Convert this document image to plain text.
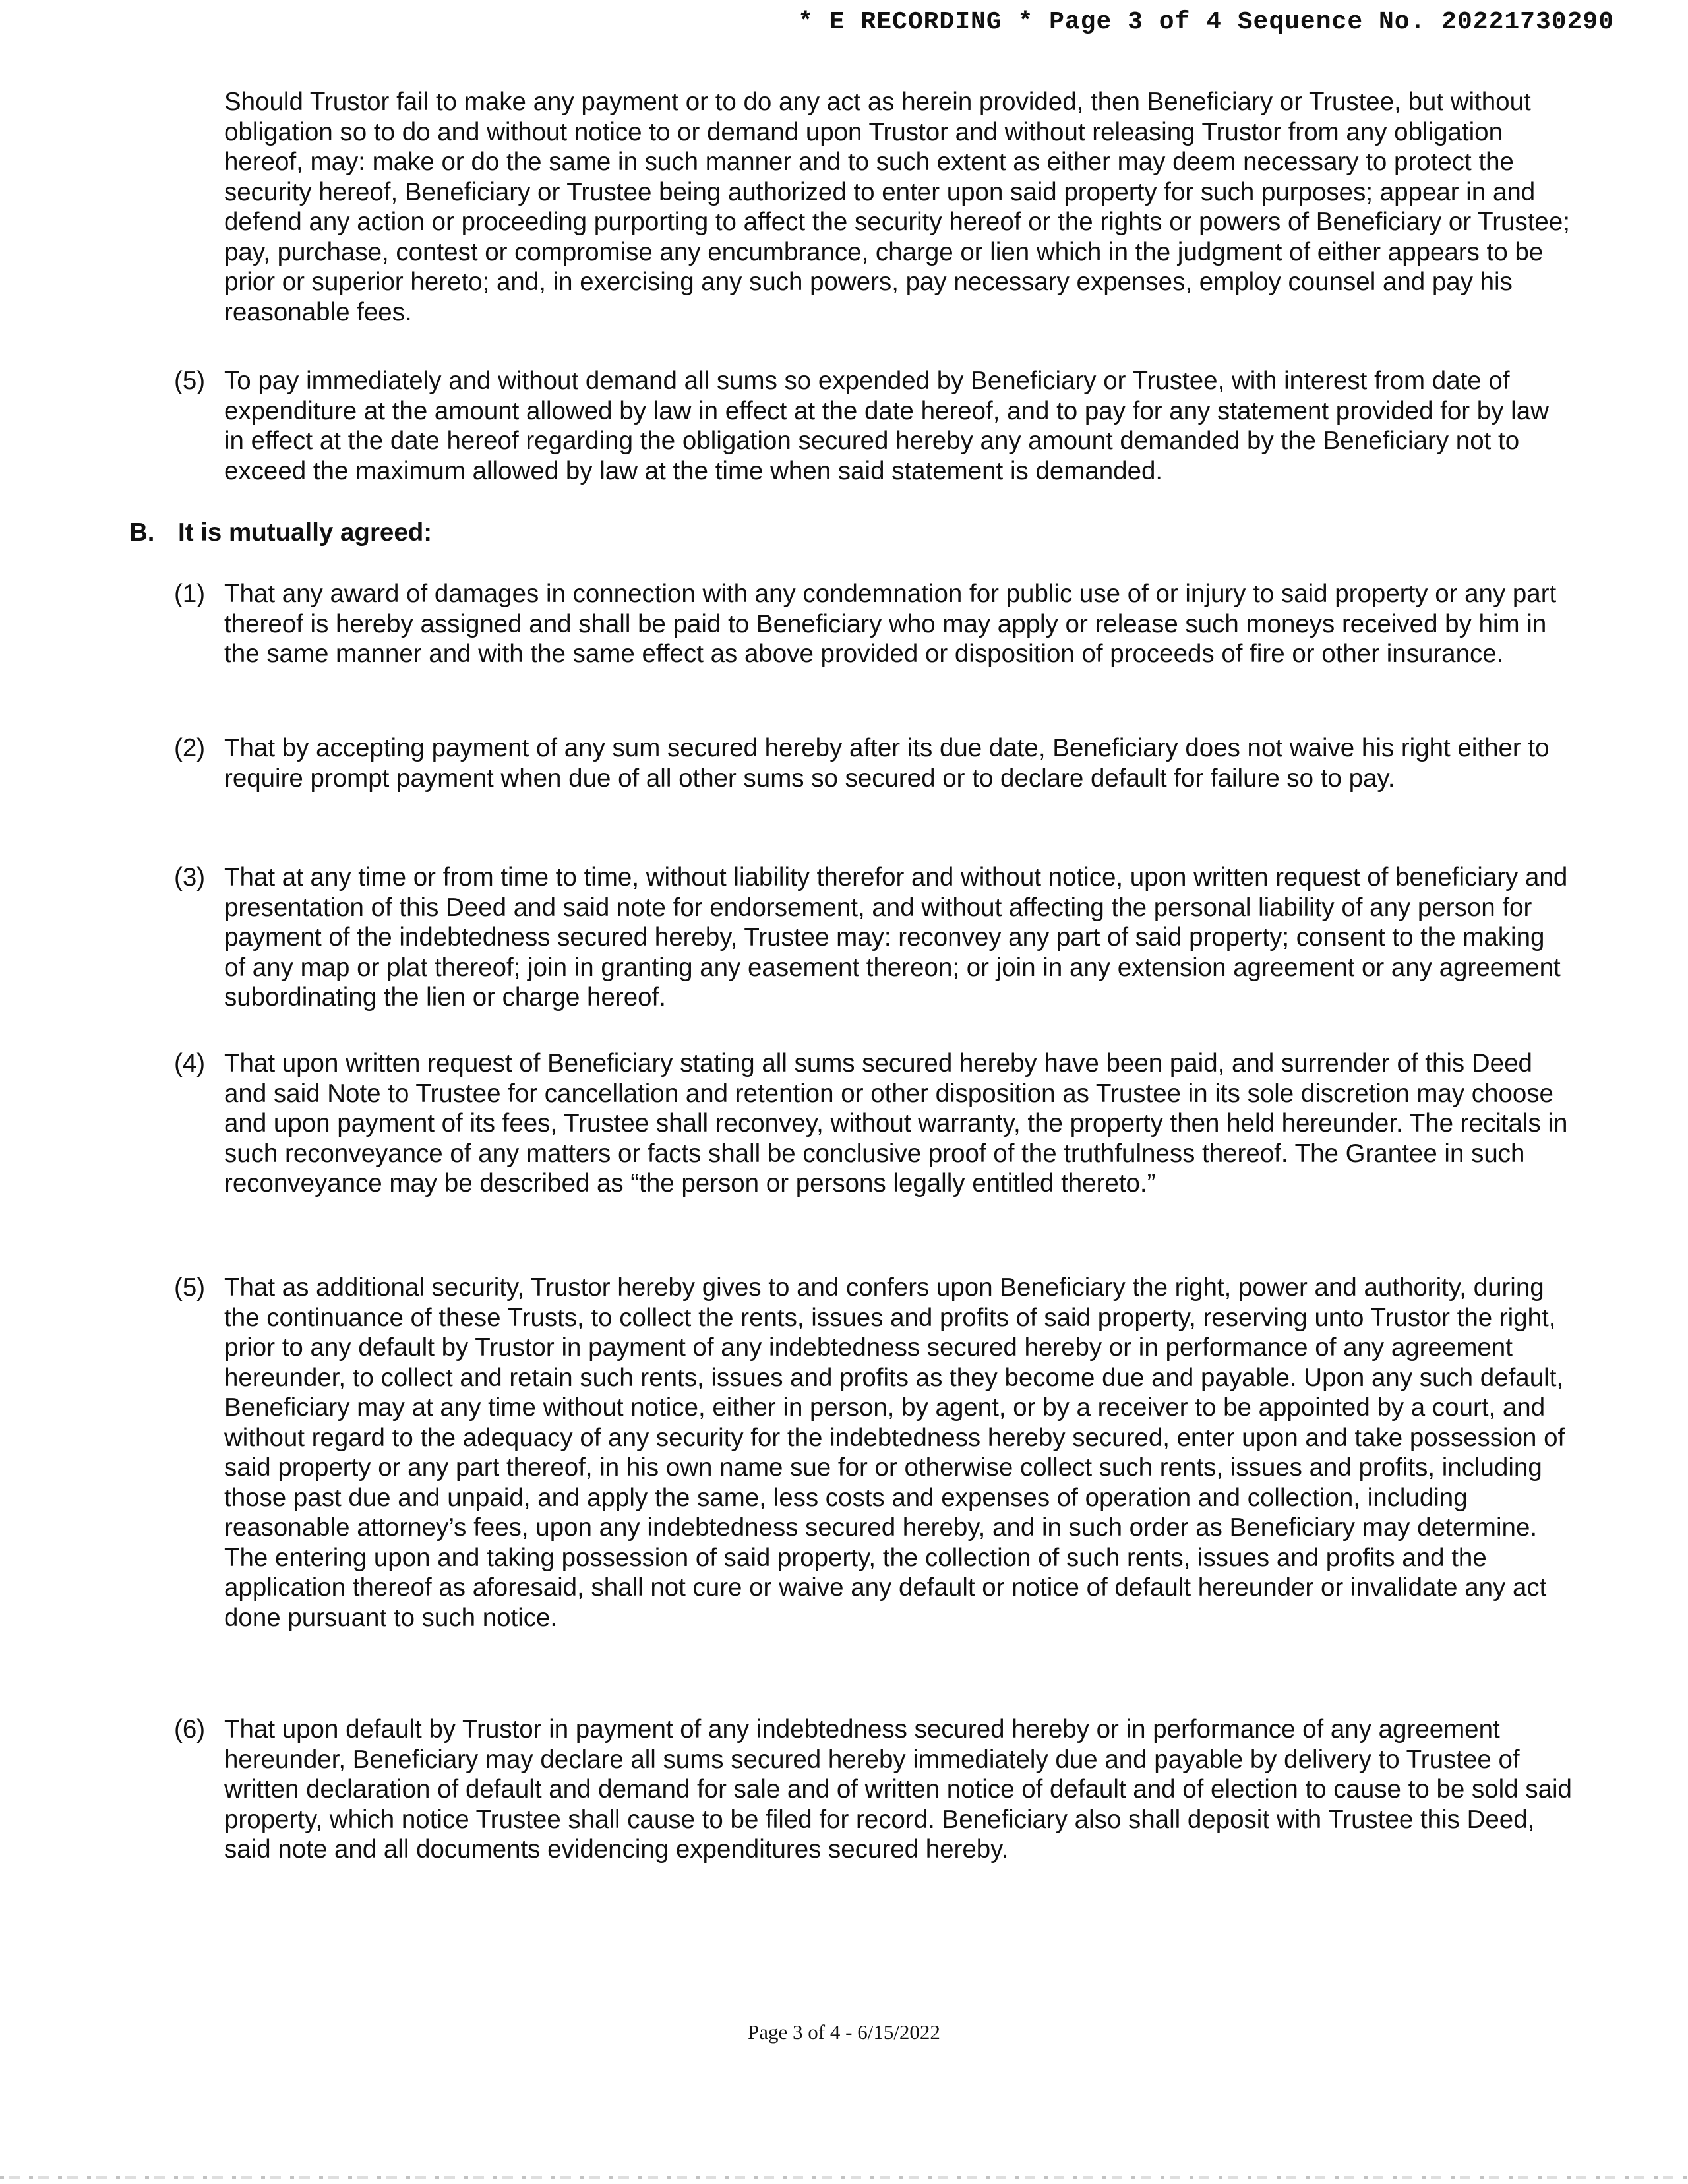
* E RECORDING * Page 3 of 4 Sequence No. 20221730290

Should Trustor fail to make any payment or to do any act as herein provided, then Beneficiary or Trustee, but without obligation so to do and without notice to or demand upon Trustor and without releasing Trustor from any obligation hereof, may: make or do the same in such manner and to such extent as either may deem necessary to protect the security hereof, Beneficiary or Trustee being authorized to enter upon said property for such purposes; appear in and defend any action or proceeding purporting to affect the security hereof or the rights or powers of Beneficiary or Trustee; pay, purchase, contest or compromise any encumbrance, charge or lien which in the judgment of either appears to be prior or superior hereto; and, in exercising any such powers, pay necessary expenses, employ counsel and pay his reasonable fees.

(5) To pay immediately and without demand all sums so expended by Beneficiary or Trustee, with interest from date of expenditure at the amount allowed by law in effect at the date hereof, and to pay for any statement provided for by law in effect at the date hereof regarding the obligation secured hereby any amount demanded by the Beneficiary not to exceed the maximum allowed by law at the time when said statement is demanded.

B. It is mutually agreed:
(1) That any award of damages in connection with any condemnation for public use of or injury to said property or any part thereof is hereby assigned and shall be paid to Beneficiary who may apply or release such moneys received by him in the same manner and with the same effect as above provided or disposition of proceeds of fire or other insurance.

(2) That by accepting payment of any sum secured hereby after its due date, Beneficiary does not waive his right either to require prompt payment when due of all other sums so secured or to declare default for failure so to pay.

(3) That at any time or from time to time, without liability therefor and without notice, upon written request of beneficiary and presentation of this Deed and said note for endorsement, and without affecting the personal liability of any person for payment of the indebtedness secured hereby, Trustee may: reconvey any part of said property; consent to the making of any map or plat thereof; join in granting any easement thereon; or join in any extension agreement or any agreement subordinating the lien or charge hereof.

(4) That upon written request of Beneficiary stating all sums secured hereby have been paid, and surrender of this Deed and said Note to Trustee for cancellation and retention or other disposition as Trustee in its sole discretion may choose and upon payment of its fees, Trustee shall reconvey, without warranty, the property then held hereunder. The recitals in such reconveyance of any matters or facts shall be conclusive proof of the truthfulness thereof. The Grantee in such reconveyance may be described as “the person or persons legally entitled thereto.”

(5) That as additional security, Trustor hereby gives to and confers upon Beneficiary the right, power and authority, during the continuance of these Trusts, to collect the rents, issues and profits of said property, reserving unto Trustor the right, prior to any default by Trustor in payment of any indebtedness secured hereby or in performance of any agreement hereunder, to collect and retain such rents, issues and profits as they become due and payable. Upon any such default, Beneficiary may at any time without notice, either in person, by agent, or by a receiver to be appointed by a court, and without regard to the adequacy of any security for the indebtedness hereby secured, enter upon and take possession of said property or any part thereof, in his own name sue for or otherwise collect such rents, issues and profits, including those past due and unpaid, and apply the same, less costs and expenses of operation and collection, including reasonable attorney’s fees, upon any indebtedness secured hereby, and in such order as Beneficiary may determine. The entering upon and taking possession of said property, the collection of such rents, issues and profits and the application thereof as aforesaid, shall not cure or waive any default or notice of default hereunder or invalidate any act done pursuant to such notice.

(6) That upon default by Trustor in payment of any indebtedness secured hereby or in performance of any agreement hereunder, Beneficiary may declare all sums secured hereby immediately due and payable by delivery to Trustee of written declaration of default and demand for sale and of written notice of default and of election to cause to be sold said property, which notice Trustee shall cause to be filed for record. Beneficiary also shall deposit with Trustee this Deed, said note and all documents evidencing expenditures secured hereby.

Page 3 of 4 - 6/15/2022
